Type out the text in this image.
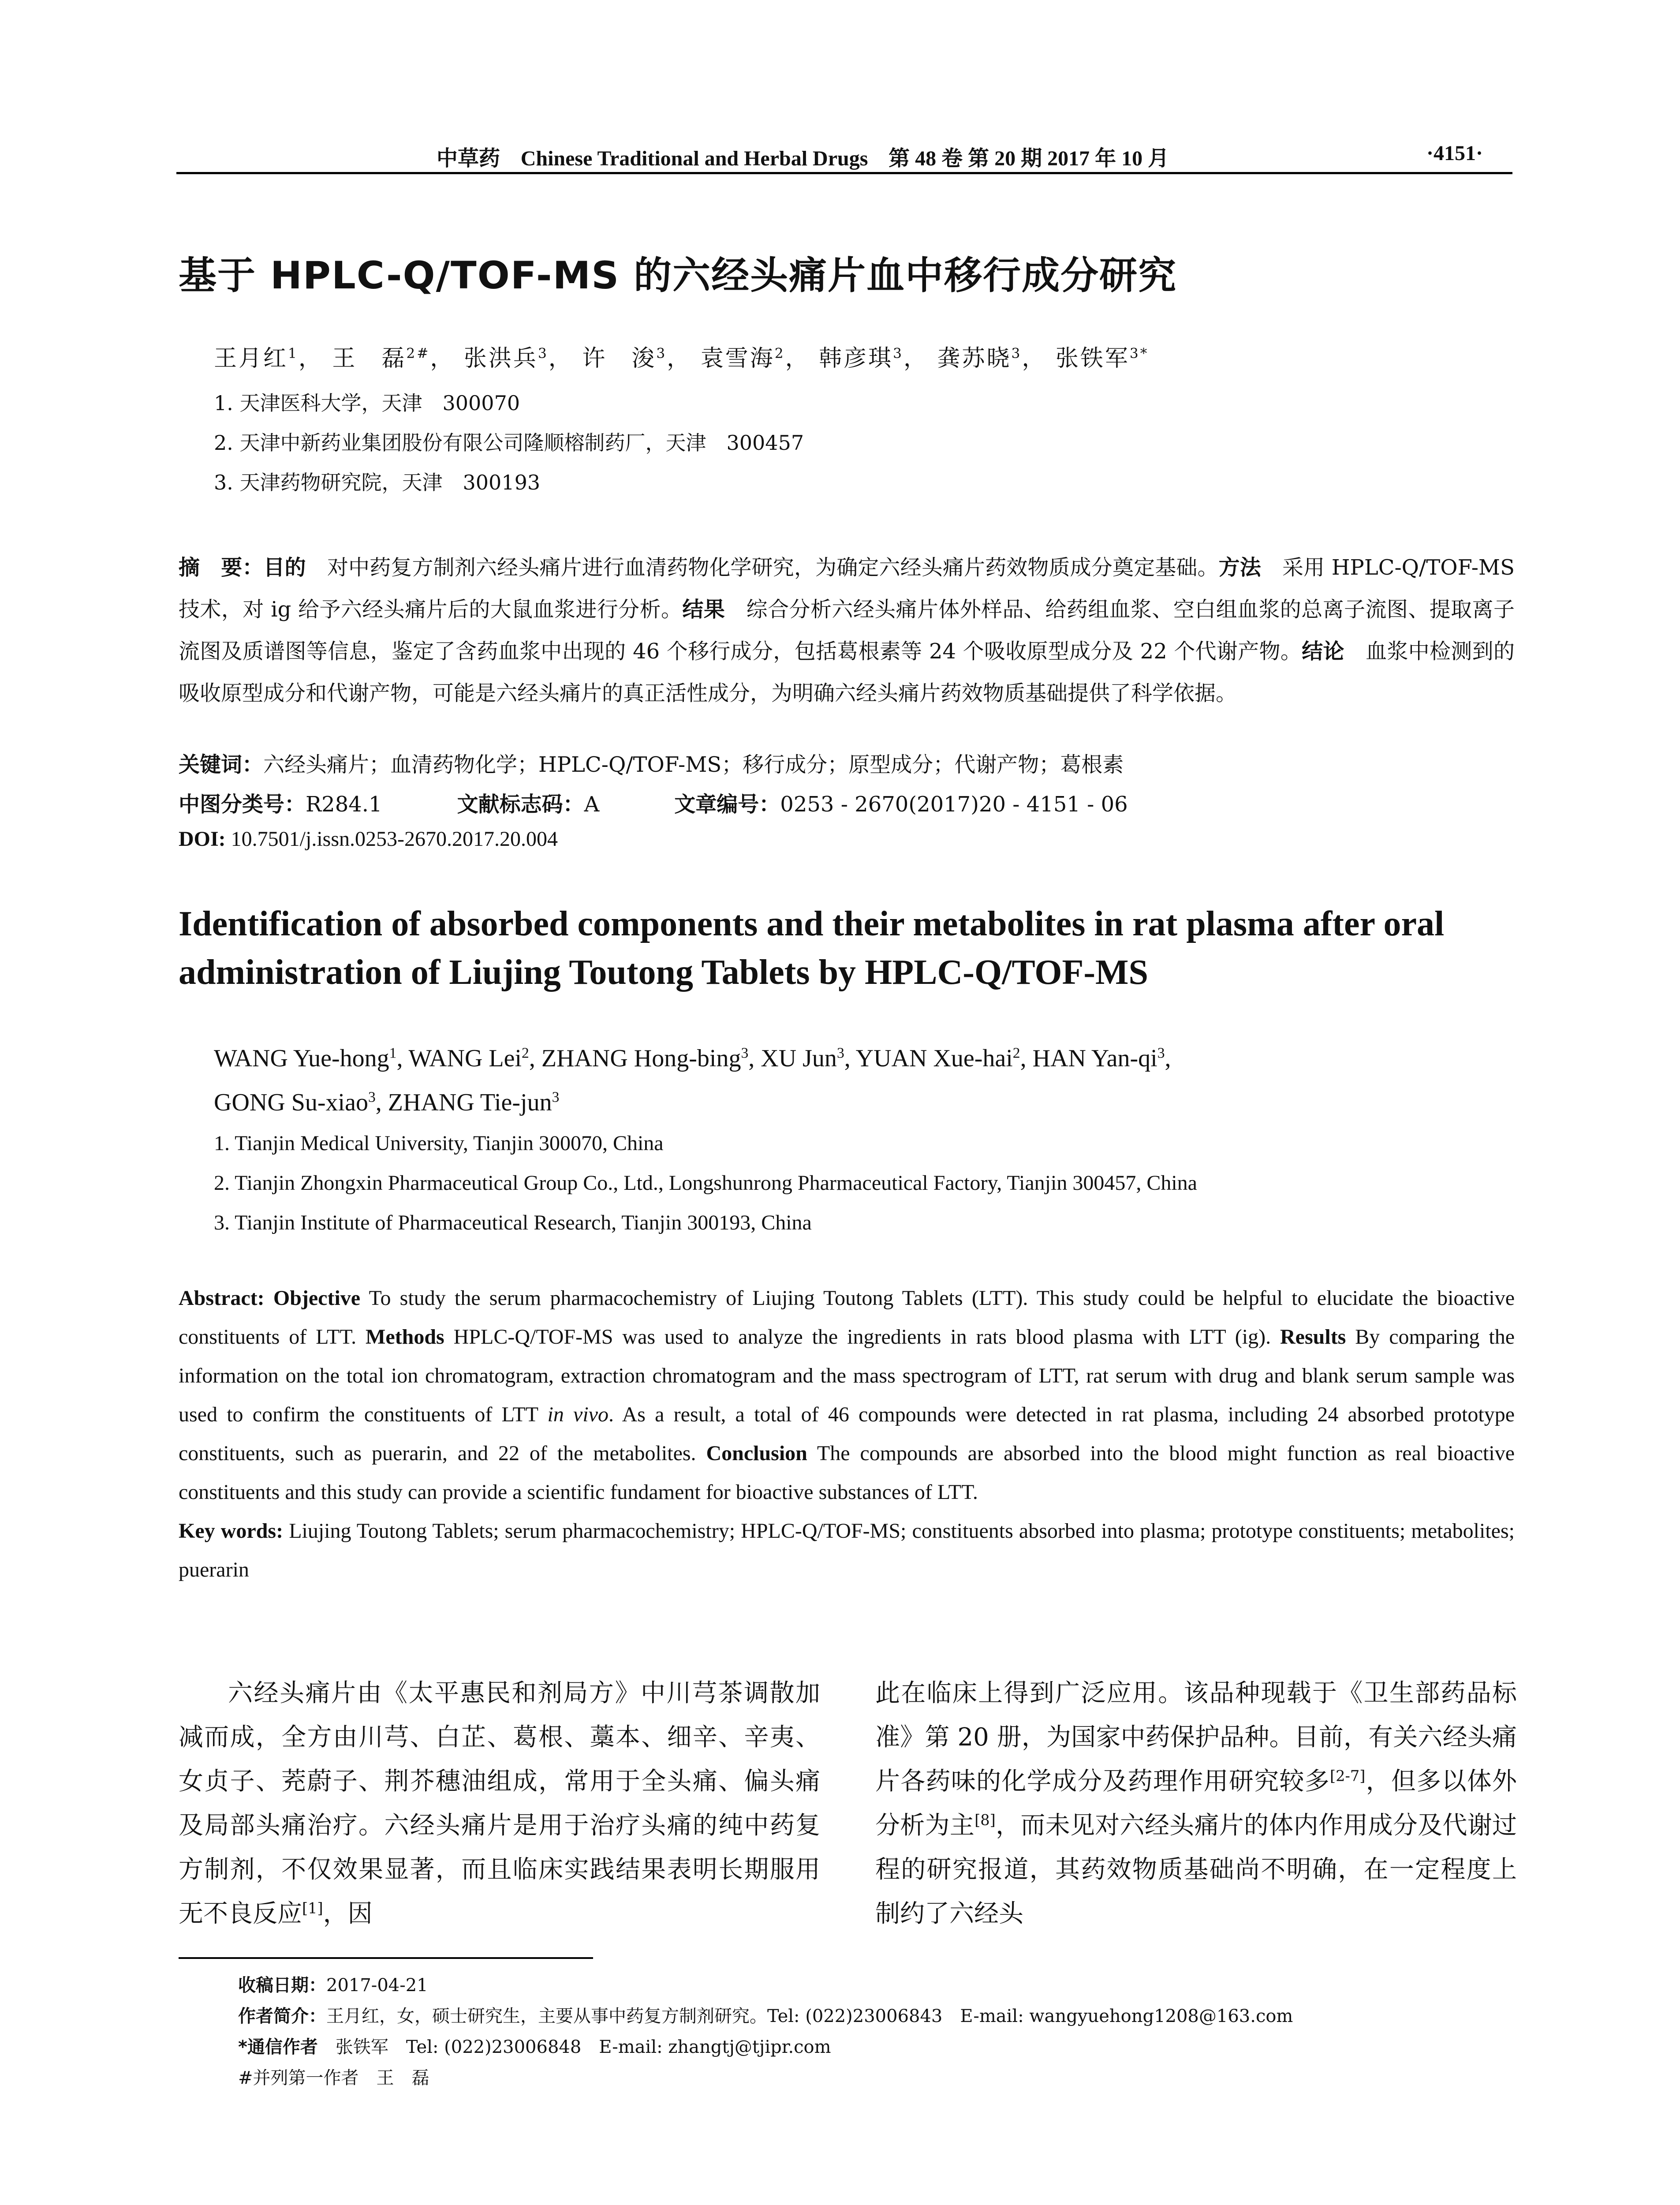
中草药 Chinese Traditional and Herbal Drugs 第 48 卷 第 20 期 2017 年 10 月	·4151·
基于 HPLC-Q/TOF-MS 的六经头痛片血中移行成分研究
王月红$^1$， 王　磊$^{2\#}$， 张洪兵$^3$， 许　浚$^3$， 袁雪海$^2$， 韩彦琪$^3$， 龚苏晓$^3$， 张铁军$^{3*}$
1. 天津医科大学，天津　300070
2. 天津中新药业集团股份有限公司隆顺榕制药厂，天津　300457
3. 天津药物研究院，天津　300193
摘　要：目的　对中药复方制剂六经头痛片进行血清药物化学研究，为确定六经头痛片药效物质成分奠定基础。方法　采用 HPLC-Q/TOF-MS 技术，对 ig 给予六经头痛片后的大鼠血浆进行分析。结果　综合分析六经头痛片体外样品、给药组血浆、空白组血浆的总离子流图、提取离子流图及质谱图等信息，鉴定了含药血浆中出现的 46 个移行成分，包括葛根素等 24 个吸收原型成分及 22 个代谢产物。结论　血浆中检测到的吸收原型成分和代谢产物，可能是六经头痛片的真正活性成分，为明确六经头痛片药效物质基础提供了科学依据。
关键词：六经头痛片；血清药物化学；HPLC-Q/TOF-MS；移行成分；原型成分；代谢产物；葛根素
中图分类号：R284.1	文献标志码：A	文章编号：0253 - 2670(2017)20 - 4151 - 06
DOI: 10.7501/j.issn.0253-2670.2017.20.004
Identification of absorbed components and their metabolites in rat plasma after oral administration of Liujing Toutong Tablets by HPLC-Q/TOF-MS
WANG Yue-hong$^1$, WANG Lei$^2$, ZHANG Hong-bing$^3$, XU Jun$^3$, YUAN Xue-hai$^2$, HAN Yan-$qi^3$,
GONG Su-xiao$^3$, ZHANG Tie-jun$^3$
1. Tianjin Medical University, Tianjin 300070, China
2. Tianjin Zhongxin Pharmaceutical Group Co., Ltd., Longshunrong Pharmaceutical Factory, Tianjin 300457, China
3. Tianjin Institute of Pharmaceutical Research, Tianjin 300193, China
Abstract: Objective To study the serum pharmacochemistry of Liujing Toutong Tablets (LTT). This study could be helpful to elucidate the bioactive constituents of LTT. Methods HPLC-Q/TOF-MS was used to analyze the ingredients in rats blood plasma with LTT (ig). Results By comparing the information on the total ion chromatogram, extraction chromatogram and the mass spectrogram of LTT, rat serum with drug and blank serum sample was used to confirm the constituents of LTT in vivo. As a result, a total of 46 compounds were detected in rat plasma, including 24 absorbed prototype constituents, such as puerarin, and 22 of the metabolites. Conclusion The compounds are absorbed into the blood might function as real bioactive constituents and this study can provide a scientific fundament for bioactive substances of LTT.
Key words: Liujing Toutong Tablets; serum pharmacochemistry; HPLC-Q/TOF-MS; constituents absorbed into plasma; prototype constituents; metabolites; puerarin
六经头痛片由《太平惠民和剂局方》中川芎茶调散加减而成，全方由川芎、白芷、葛根、藁本、细辛、辛夷、女贞子、茺蔚子、荆芥穗油组成，常用于全头痛、偏头痛及局部头痛治疗。六经头痛片是用于治疗头痛的纯中药复方制剂，不仅效果显著，而且临床实践结果表明长期服用无不良反应[1]，因
此在临床上得到广泛应用。该品种现载于《卫生部药品标准》第 20 册，为国家中药保护品种。目前，有关六经头痛片各药味的化学成分及药理作用研究较多[2-7]，但多以体外分析为主[8]，而未见对六经头痛片的体内作用成分及代谢过程的研究报道，其药效物质基础尚不明确，在一定程度上制约了六经头
收稿日期：2017-04-21
作者简介：王月红，女，硕士研究生，主要从事中药复方制剂研究。Tel: (022)23006843　E-mail: wangyuehong1208@163.com
*通信作者　张铁军　Tel: (022)23006848　E-mail: zhangtj@tjipr.com
#并列第一作者　王　磊
